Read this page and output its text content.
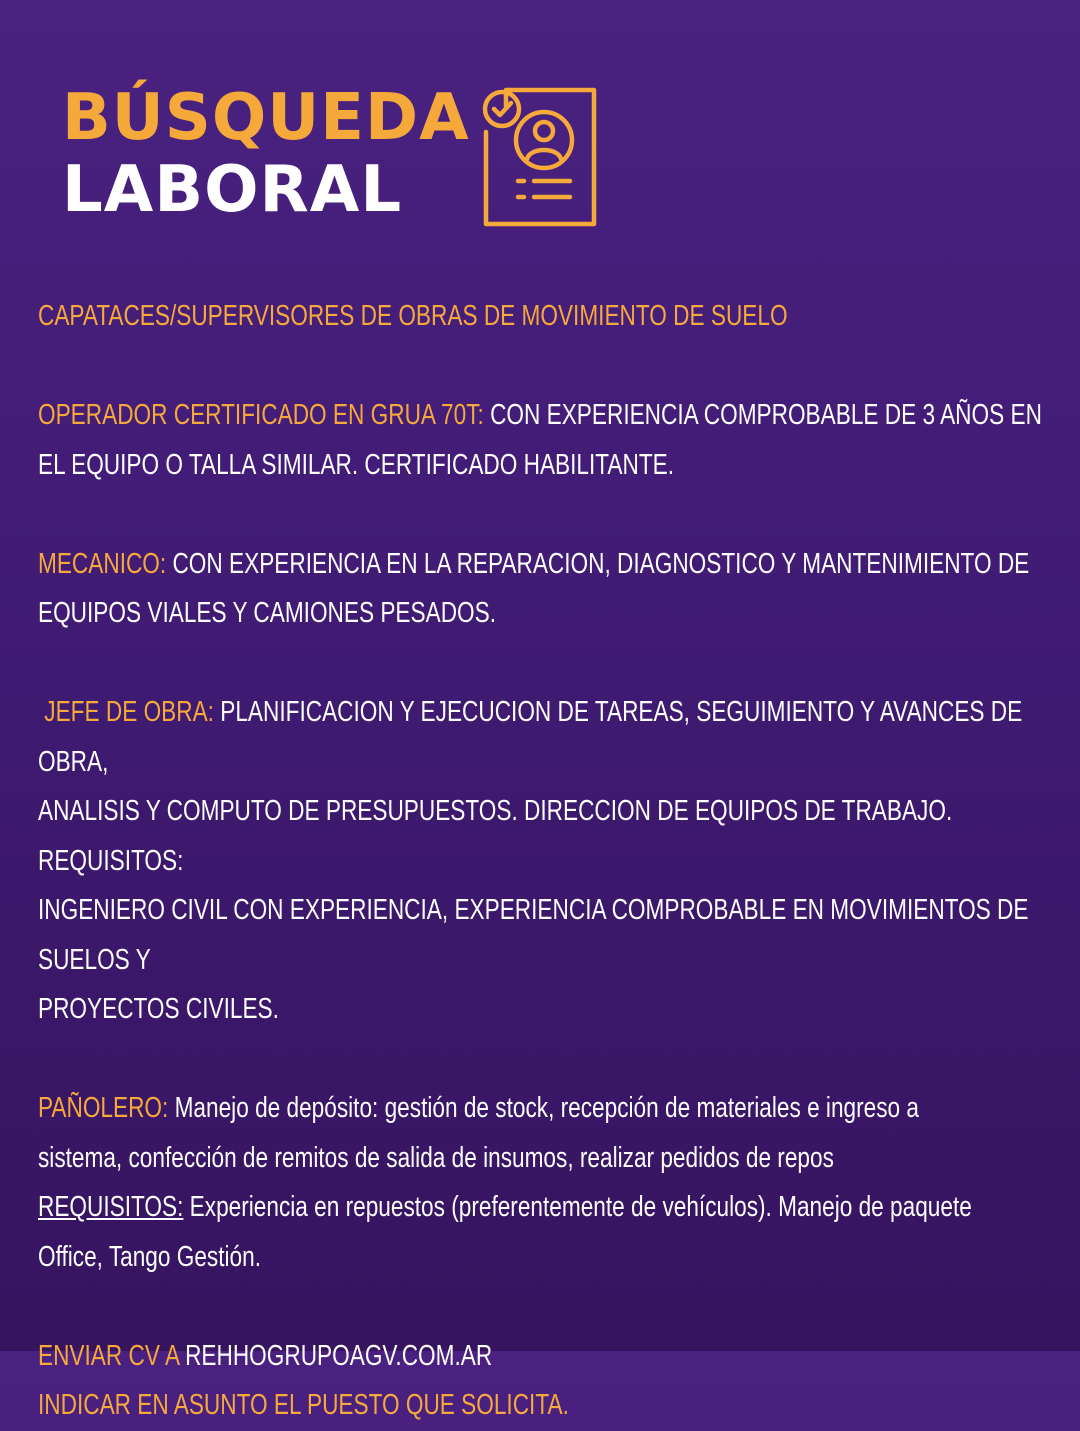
BÚSQUEDA
LABORAL

CAPATACES/SUPERVISORES DE OBRAS DE MOVIMIENTO DE SUELO

OPERADOR CERTIFICADO EN GRUA 70T: CON EXPERIENCIA COMPROBABLE DE 3 AÑOS EN
EL EQUIPO O TALLA SIMILAR. CERTIFICADO HABILITANTE.

MECANICO: CON EXPERIENCIA EN LA REPARACION, DIAGNOSTICO Y MANTENIMIENTO DE
EQUIPOS VIALES Y CAMIONES PESADOS.

JEFE DE OBRA: PLANIFICACION Y EJECUCION DE TAREAS, SEGUIMIENTO Y AVANCES DE OBRA,
ANALISIS Y COMPUTO DE PRESUPUESTOS. DIRECCION DE EQUIPOS DE TRABAJO. REQUISITOS:
INGENIERO CIVIL CON EXPERIENCIA, EXPERIENCIA COMPROBABLE EN MOVIMIENTOS DE SUELOS Y
PROYECTOS CIVILES.

PAÑOLERO: Manejo de depósito: gestión de stock, recepción de materiales e ingreso a
sistema, confección de remitos de salida de insumos, realizar pedidos de repos
REQUISITOS: Experiencia en repuestos (preferentemente de vehículos). Manejo de paquete
Office, Tango Gestión.

ENVIAR CV A REHHOGRUPOAGV.COM.AR
INDICAR EN ASUNTO EL PUESTO QUE SOLICITA.
